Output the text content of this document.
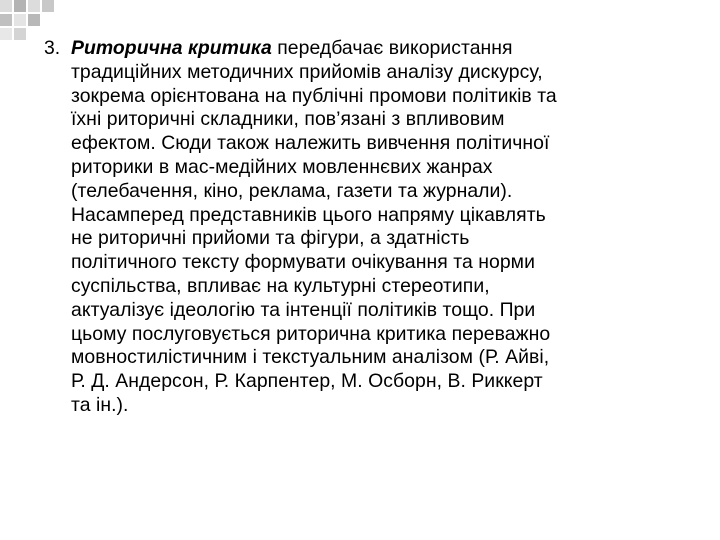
3. Риторична критика передбачає використання
традиційних методичних прийомів аналізу дискурсу,
зокрема орієнтована на публічні промови політиків та
їхні риторичні складники, пов’язані з впливовим
ефектом. Сюди також належить вивчення політичної
риторики в мас-медійних мовленнєвих жанрах
(телебачення, кіно, реклама, газети та журнали).
Насамперед представників цього напряму цікавлять
не риторичні прийоми та фігури, а здатність
політичного тексту формувати очікування та норми
суспільства, впливає на культурні стереотипи,
актуалізує ідеологію та інтенції політиків тощо. При
цьому послуговується риторична критика переважно
мовностилістичним і текстуальним аналізом (Р. Айві,
Р. Д. Андерсон, Р. Карпентер, М. Осборн, В. Риккерт
та ін.).
